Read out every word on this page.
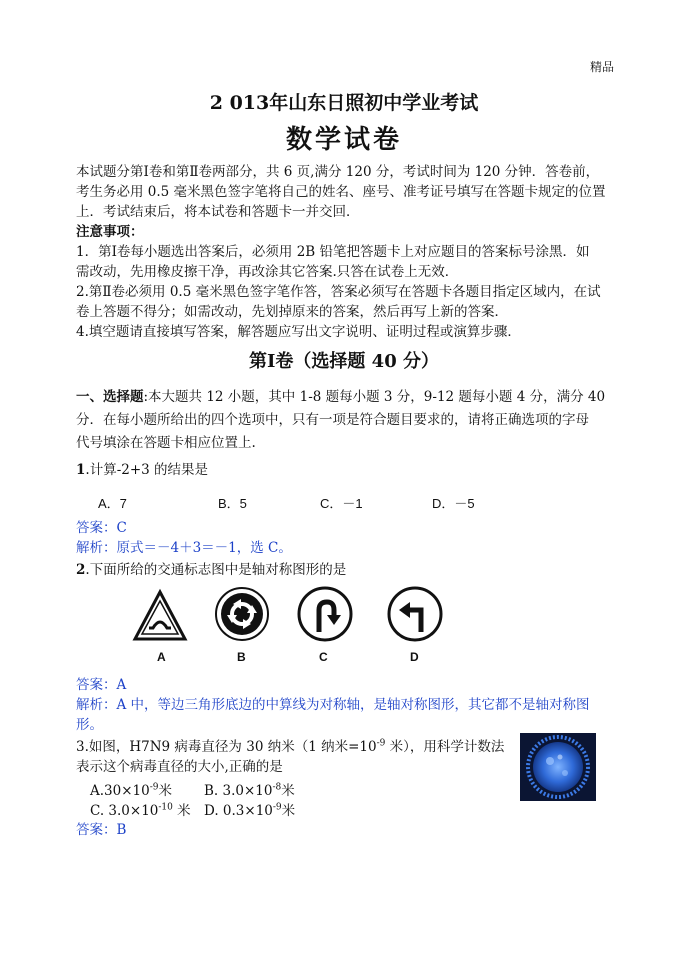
精品
2 013年山东日照初中学业考试
数学试卷
本试题分第Ⅰ卷和第Ⅱ卷两部分，共 6 页,满分 120 分，考试时间为 120 分钟．答卷前，
考生务必用 0.5 毫米黑色签字笔将自己的姓名、座号、准考证号填写在答题卡规定的位置
上．考试结束后，将本试卷和答题卡一并交回．
注意事项：
1．第Ⅰ卷每小题选出答案后，必须用 2B 铅笔把答题卡上对应题目的答案标号涂黑．如
需改动，先用橡皮擦干净，再改涂其它答案.只答在试卷上无效．
2.第Ⅱ卷必须用 0.5 毫米黑色签字笔作答，答案必须写在答题卡各题目指定区域内，在试
卷上答题不得分；如需改动，先划掉原来的答案，然后再写上新的答案．
4.填空题请直接填写答案，解答题应写出文字说明、证明过程或演算步骤．
第Ⅰ卷（选择题 40 分）
一、选择题:本大题共 12 小题，其中 1-8 题每小题 3 分，9-12 题每小题 4 分，满分 40
分．在每小题所给出的四个选项中，只有一项是符合题目要求的，请将正确选项的字母
代号填涂在答题卡相应位置上.
1.计算-2+3 的结果是
A．7	B．5	C．－1	D．－5
答案：C
解析：原式＝－4＋3＝－1，选 C。
2.下面所给的交通标志图中是轴对称图形的是
A	B	C	D
答案：A
解析：A 中，等边三角形底边的中算线为对称轴，是轴对称图形，其它都不是轴对称图
形。
3.如图，H7N9 病毒直径为 30 纳米（1 纳米$=10^{-9}$ 米），用科学计数法
表示这个病毒直径的大小,正确的是
$A.30\times 10^{-9}$米 B. $3.0\times 10^{-8}$米
C. $3.0\times 10^{-10}$ 米 D. $0.3\times 10^{-9}$米
答案：B
